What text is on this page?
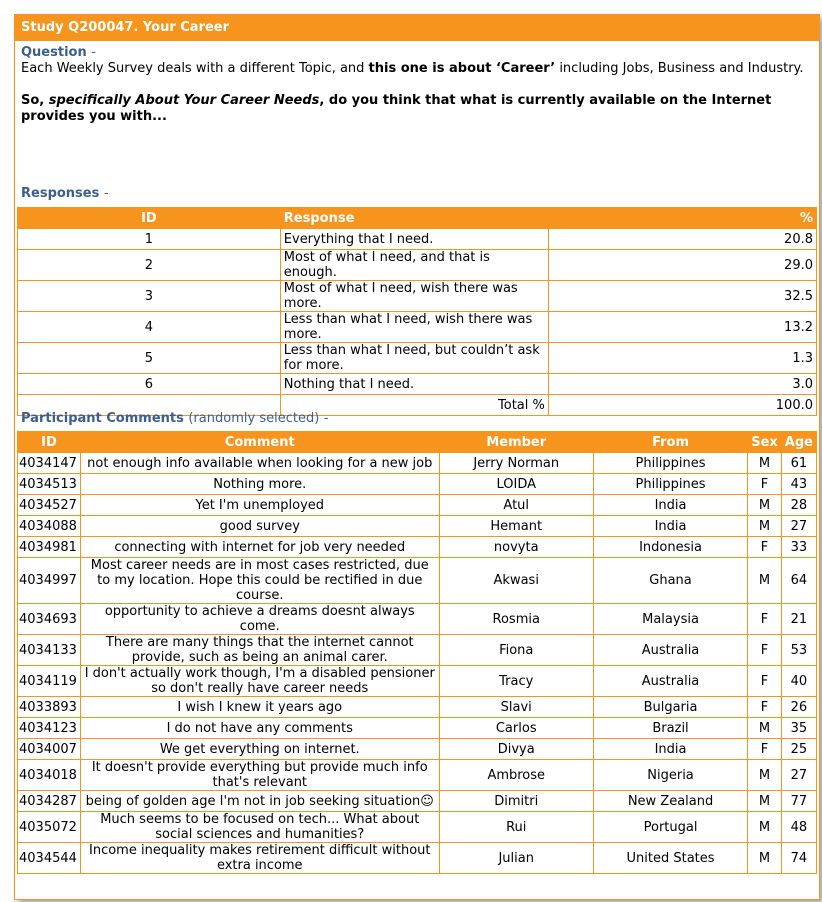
Study Q200047. Your Career
Question -

Each Weekly Survey deals with a different Topic, and this one is about ‘Career’ including Jobs, Business and Industry.

So, specifically About Your Career Needs, do you think that what is currently available on the Internet provides you with...

Responses -
ID	Response	%
1	Everything that I need.	20.8
2	Most of what I need, and that is enough.	29.0
3	Most of what I need, wish there was more.	32.5
4	Less than what I need, wish there was more.	13.2
5	Less than what I need, but couldn’t ask for more.	1.3
6	Nothing that I need.	3.0
	Total %	100.0
Participant Comments (randomly selected) -
ID	Comment	Member	From	Sex	Age
4034147	not enough info available when looking for a new job	Jerry Norman	Philippines	M	61
4034513	Nothing more.	LOIDA	Philippines	F	43
4034527	Yet I'm unemployed	Atul	India	M	28
4034088	good survey	Hemant	India	M	27
4034981	connecting with internet for job very needed	novyta	Indonesia	F	33
4034997	Most career needs are in most cases restricted, due to my location. Hope this could be rectified in due course.	Akwasi	Ghana	M	64
4034693	opportunity to achieve a dreams doesnt always come.	Rosmia	Malaysia	F	21
4034133	There are many things that the internet cannot provide, such as being an animal carer.	Fiona	Australia	F	53
4034119	I don't actually work though, I'm a disabled pensioner so don't really have career needs	Tracy	Australia	F	40
4033893	I wish I knew it years ago	Slavi	Bulgaria	F	26
4034123	I do not have any comments	Carlos	Brazil	M	35
4034007	We get everything on internet.	Divya	India	F	25
4034018	It doesn't provide everything but provide much info that's relevant	Ambrose	Nigeria	M	27
4034287	being of golden age I'm not in job seeking situation☺	Dimitri	New Zealand	M	77
4035072	Much seems to be focused on tech... What about social sciences and humanities?	Rui	Portugal	M	48
4034544	Income inequality makes retirement difficult without extra income	Julian	United States	M	74
